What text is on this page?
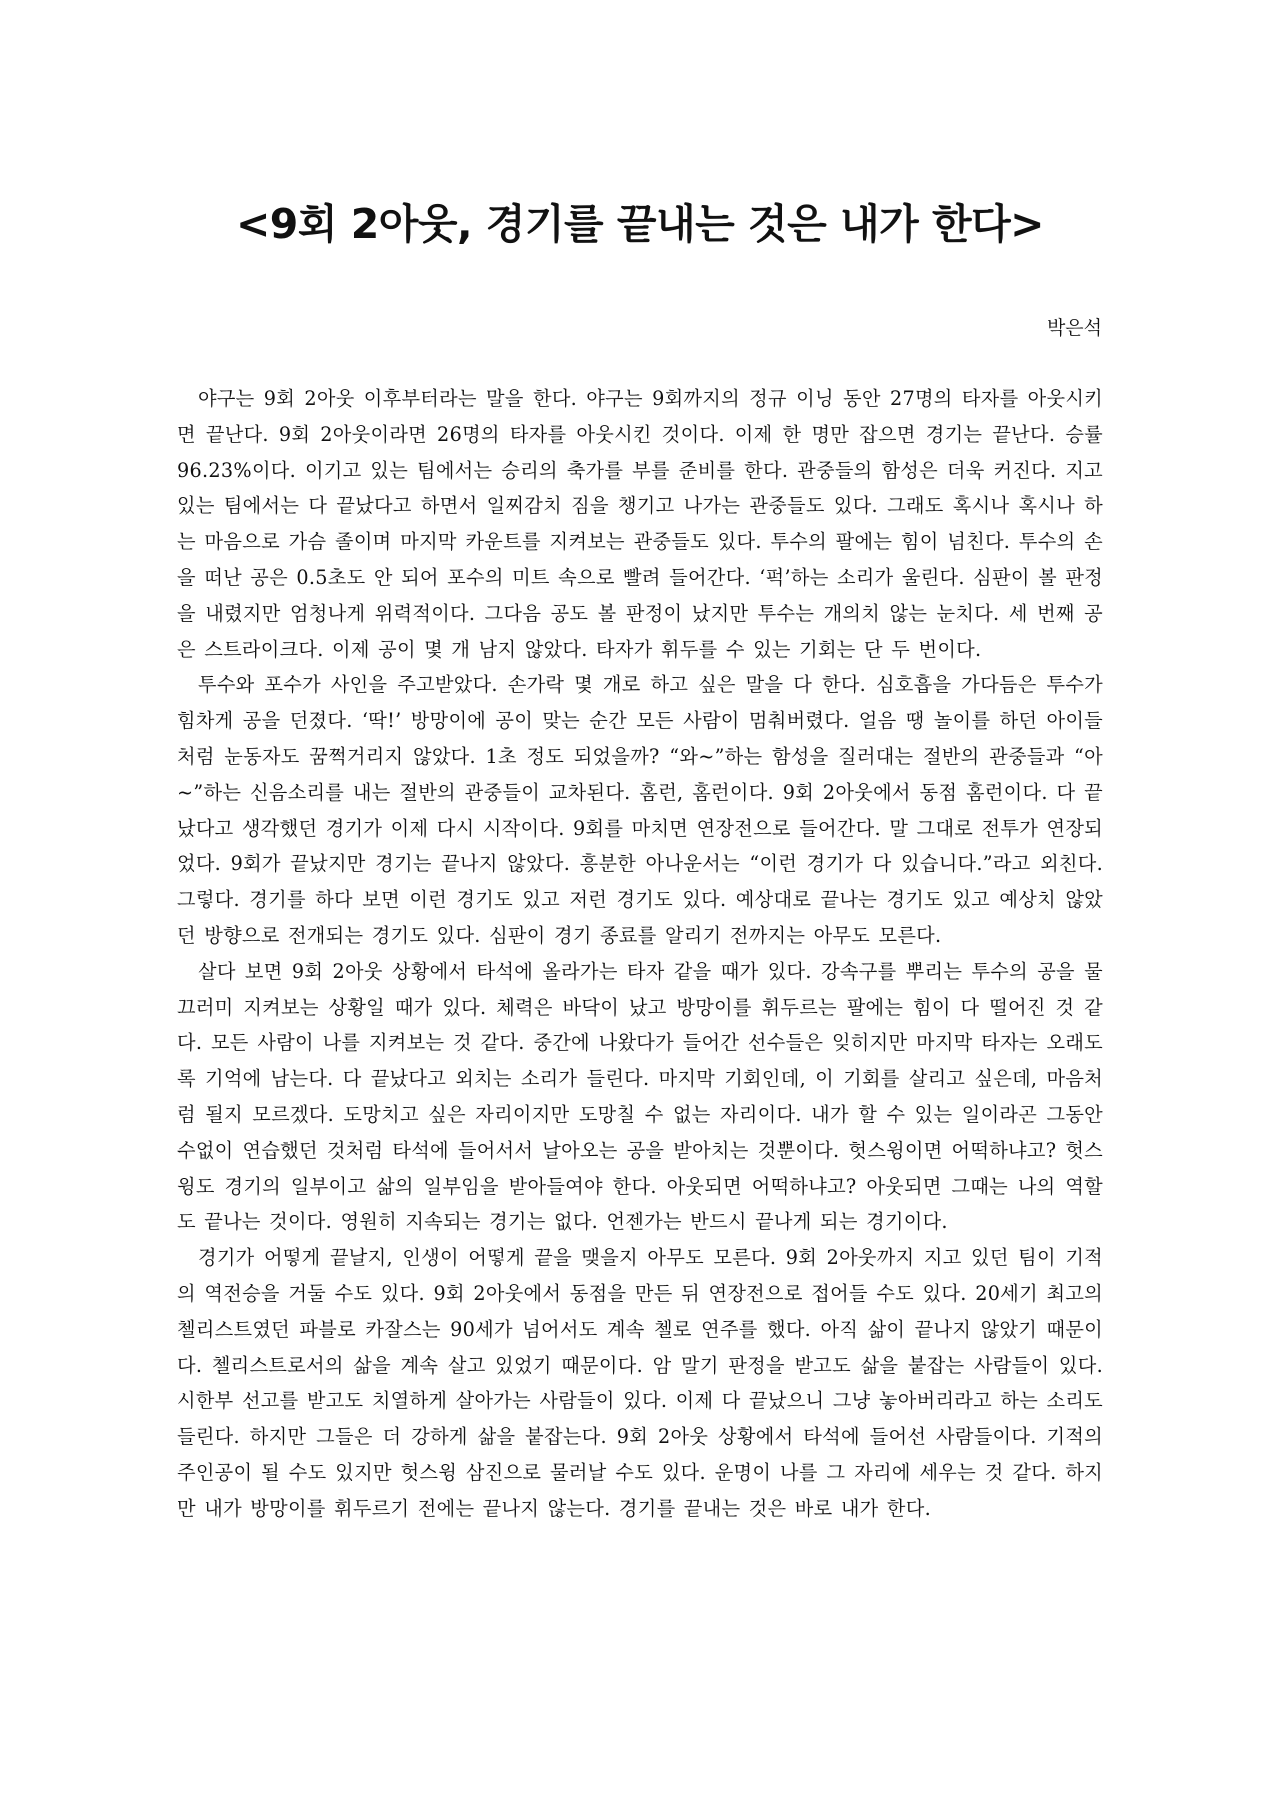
<9회 2아웃, 경기를 끝내는 것은 내가 한다>

박은석

야구는 9회 2아웃 이후부터라는 말을 한다. 야구는 9회까지의 정규 이닝 동안 27명의 타자를 아웃시키면 끝난다. 9회 2아웃이라면 26명의 타자를 아웃시킨 것이다. 이제 한 명만 잡으면 경기는 끝난다. 승률 96.23%이다. 이기고 있는 팀에서는 승리의 축가를 부를 준비를 한다. 관중들의 함성은 더욱 커진다. 지고 있는 팀에서는 다 끝났다고 하면서 일찌감치 짐을 챙기고 나가는 관중들도 있다. 그래도 혹시나 혹시나 하는 마음으로 가슴 졸이며 마지막 카운트를 지켜보는 관중들도 있다. 투수의 팔에는 힘이 넘친다. 투수의 손을 떠난 공은 0.5초도 안 되어 포수의 미트 속으로 빨려 들어간다. ‘퍽’하는 소리가 울린다. 심판이 볼 판정을 내렸지만 엄청나게 위력적이다. 그다음 공도 볼 판정이 났지만 투수는 개의치 않는 눈치다. 세 번째 공은 스트라이크다. 이제 공이 몇 개 남지 않았다. 타자가 휘두를 수 있는 기회는 단 두 번이다.

투수와 포수가 사인을 주고받았다. 손가락 몇 개로 하고 싶은 말을 다 한다. 심호흡을 가다듬은 투수가 힘차게 공을 던졌다. ‘딱!’ 방망이에 공이 맞는 순간 모든 사람이 멈춰버렸다. 얼음 땡 놀이를 하던 아이들처럼 눈동자도 꿈쩍거리지 않았다. 1초 정도 되었을까? “와~”하는 함성을 질러대는 절반의 관중들과 “아~”하는 신음소리를 내는 절반의 관중들이 교차된다. 홈런, 홈런이다. 9회 2아웃에서 동점 홈런이다. 다 끝났다고 생각했던 경기가 이제 다시 시작이다. 9회를 마치면 연장전으로 들어간다. 말 그대로 전투가 연장되었다. 9회가 끝났지만 경기는 끝나지 않았다. 흥분한 아나운서는 “이런 경기가 다 있습니다.”라고 외친다. 그렇다. 경기를 하다 보면 이런 경기도 있고 저런 경기도 있다. 예상대로 끝나는 경기도 있고 예상치 않았던 방향으로 전개되는 경기도 있다. 심판이 경기 종료를 알리기 전까지는 아무도 모른다.

살다 보면 9회 2아웃 상황에서 타석에 올라가는 타자 같을 때가 있다. 강속구를 뿌리는 투수의 공을 물끄러미 지켜보는 상황일 때가 있다. 체력은 바닥이 났고 방망이를 휘두르는 팔에는 힘이 다 떨어진 것 같다. 모든 사람이 나를 지켜보는 것 같다. 중간에 나왔다가 들어간 선수들은 잊히지만 마지막 타자는 오래도록 기억에 남는다. 다 끝났다고 외치는 소리가 들린다. 마지막 기회인데, 이 기회를 살리고 싶은데, 마음처럼 될지 모르겠다. 도망치고 싶은 자리이지만 도망칠 수 없는 자리이다. 내가 할 수 있는 일이라곤 그동안 수없이 연습했던 것처럼 타석에 들어서서 날아오는 공을 받아치는 것뿐이다. 헛스윙이면 어떡하냐고? 헛스윙도 경기의 일부이고 삶의 일부임을 받아들여야 한다. 아웃되면 어떡하냐고? 아웃되면 그때는 나의 역할도 끝나는 것이다. 영원히 지속되는 경기는 없다. 언젠가는 반드시 끝나게 되는 경기이다.

경기가 어떻게 끝날지, 인생이 어떻게 끝을 맺을지 아무도 모른다. 9회 2아웃까지 지고 있던 팀이 기적의 역전승을 거둘 수도 있다. 9회 2아웃에서 동점을 만든 뒤 연장전으로 접어들 수도 있다. 20세기 최고의 첼리스트였던 파블로 카잘스는 90세가 넘어서도 계속 첼로 연주를 했다. 아직 삶이 끝나지 않았기 때문이다. 첼리스트로서의 삶을 계속 살고 있었기 때문이다. 암 말기 판정을 받고도 삶을 붙잡는 사람들이 있다. 시한부 선고를 받고도 치열하게 살아가는 사람들이 있다. 이제 다 끝났으니 그냥 놓아버리라고 하는 소리도 들린다. 하지만 그들은 더 강하게 삶을 붙잡는다. 9회 2아웃 상황에서 타석에 들어선 사람들이다. 기적의 주인공이 될 수도 있지만 헛스윙 삼진으로 물러날 수도 있다. 운명이 나를 그 자리에 세우는 것 같다. 하지만 내가 방망이를 휘두르기 전에는 끝나지 않는다. 경기를 끝내는 것은 바로 내가 한다.
